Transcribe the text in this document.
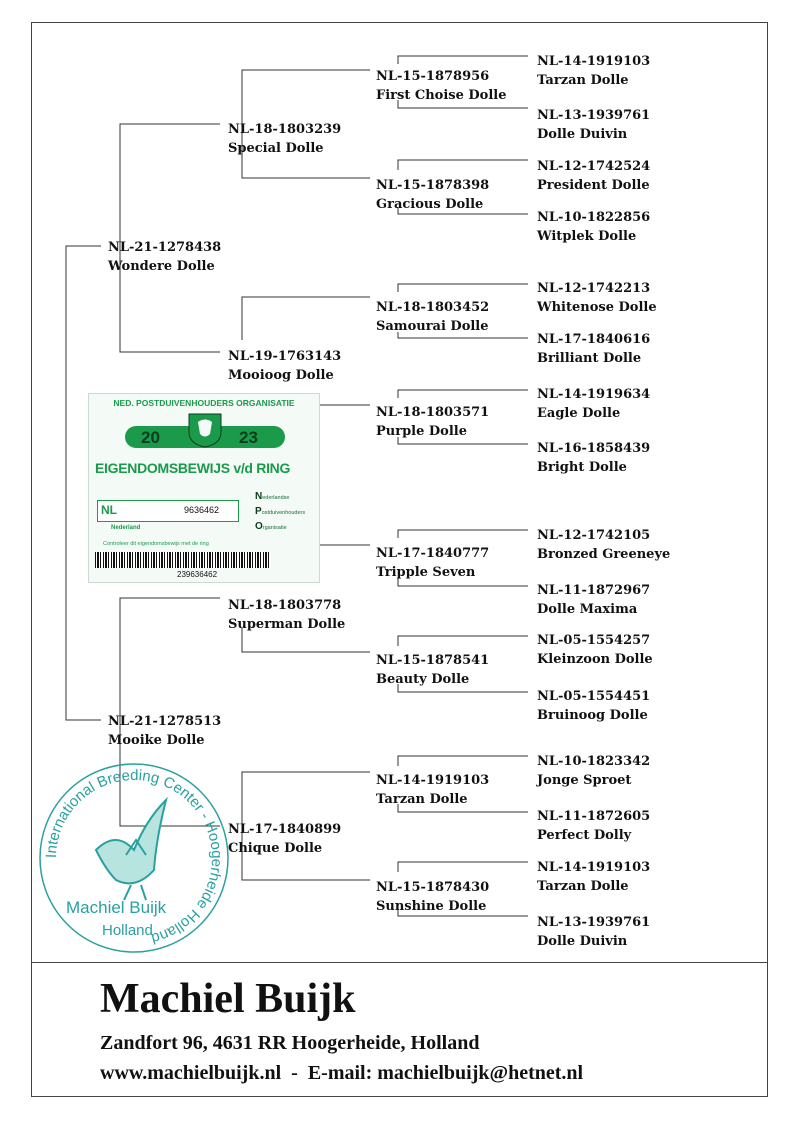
NL-21-1278438
Wondere Dolle
NL-21-1278513
Mooike Dolle
NL-18-1803239
Special Dolle
NL-19-1763143
Mooioog Dolle
NL-18-1803778
Superman Dolle
NL-17-1840899
Chique Dolle
NL-15-1878956
First Choise Dolle
NL-15-1878398
Gracious Dolle
NL-18-1803452
Samourai Dolle
NL-18-1803571
Purple Dolle
NL-17-1840777
Tripple Seven
NL-15-1878541
Beauty Dolle
NL-14-1919103
Tarzan Dolle
NL-15-1878430
Sunshine Dolle
NL-14-1919103
Tarzan Dolle
NL-13-1939761
Dolle Duivin
NL-12-1742524
President Dolle
NL-10-1822856
Witplek Dolle
NL-12-1742213
Whitenose Dolle
NL-17-1840616
Brilliant Dolle
NL-14-1919634
Eagle Dolle
NL-16-1858439
Bright Dolle
NL-12-1742105
Bronzed Greeneye
NL-11-1872967
Dolle Maxima
NL-05-1554257
Kleinzoon Dolle
NL-05-1554451
Bruinoog Dolle
NL-10-1823342
Jonge Sproet
NL-11-1872605
Perfect Dolly
NL-14-1919103
Tarzan Dolle
NL-13-1939761
Dolle Duivin
NED. POSTDUIVENHOUDERS ORGANISATIE
20	23
EIGENDOMSBEWIJS v/d RING
NL	9636462
Nederland
Nederlandse
Postduivenhouders
Organisatie
Controleer dit eigendomsbewijs met de ring
239636462
International Breeding Center - Hoogerheide Holland
Machiel Buijk
Holland
Machiel Buijk
Zandfort 96, 4631 RR Hoogerheide, Holland
www.machielbuijk.nl - E-mail: machielbuijk@hetnet.nl
